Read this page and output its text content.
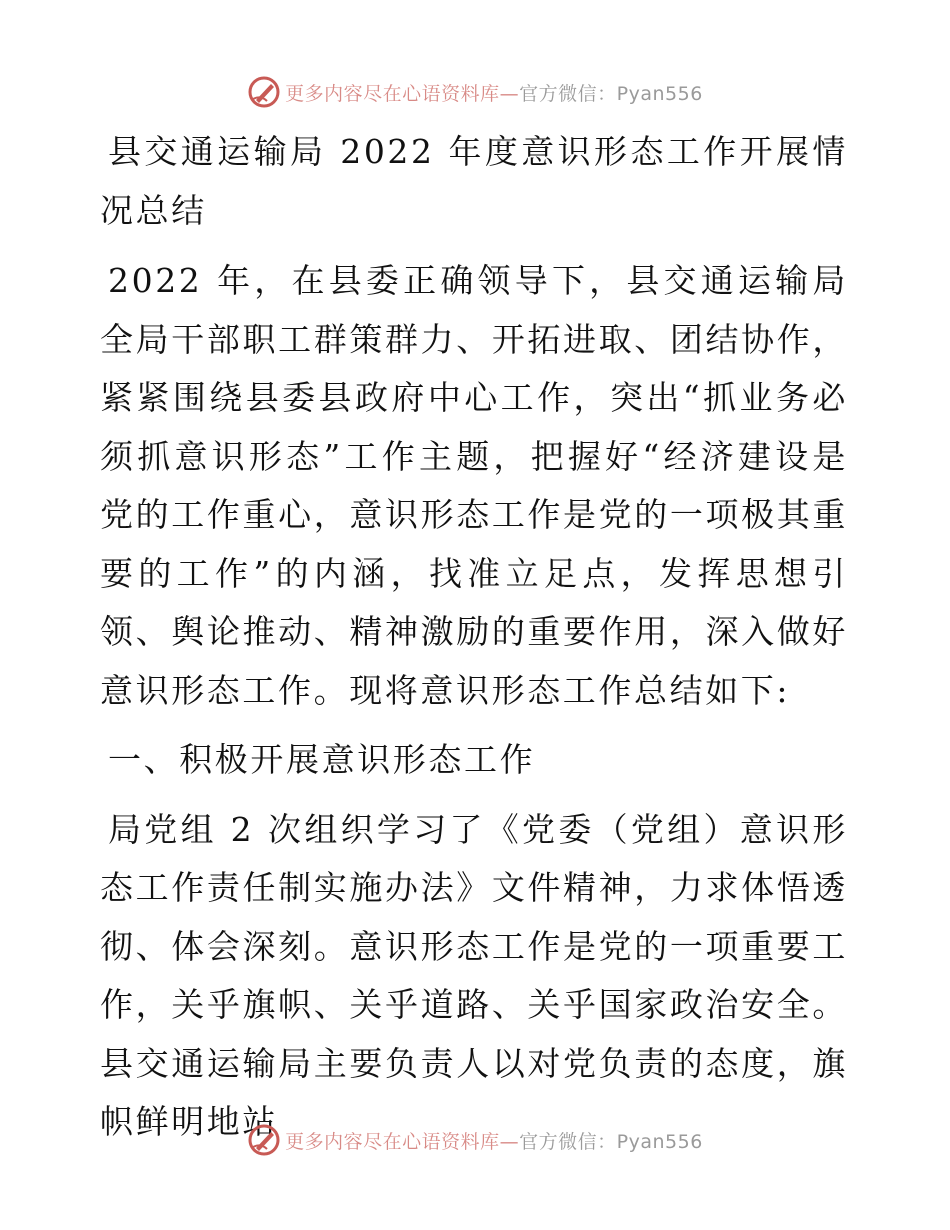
更多内容尽在心语资料库— 官方微信：Pyan556

县交通运输局 2022 年度意识形态工作开展情况总结

2022 年，在县委正确领导下，县交通运输局全局干部职工群策群力、开拓进取、团结协作，紧紧围绕县委县政府中心工作，突出“抓业务必须抓意识形态”工作主题，把握好“经济建设是党的工作重心，意识形态工作是党的一项极其重要的工作”的内涵，找准立足点，发挥思想引领、舆论推动、精神激励的重要作用，深入做好意识形态工作。现将意识形态工作总结如下:

一、积极开展意识形态工作

局党组 2 次组织学习了《党委（党组）意识形态工作责任制实施办法》文件精神，力求体悟透彻、体会深刻。意识形态工作是党的一项重要工作，关乎旗帜、关乎道路、关乎国家政治安全。县交通运输局主要负责人以对党负责的态度，旗帜鲜明地站

更多内容尽在心语资料库— 官方微信：Pyan556
